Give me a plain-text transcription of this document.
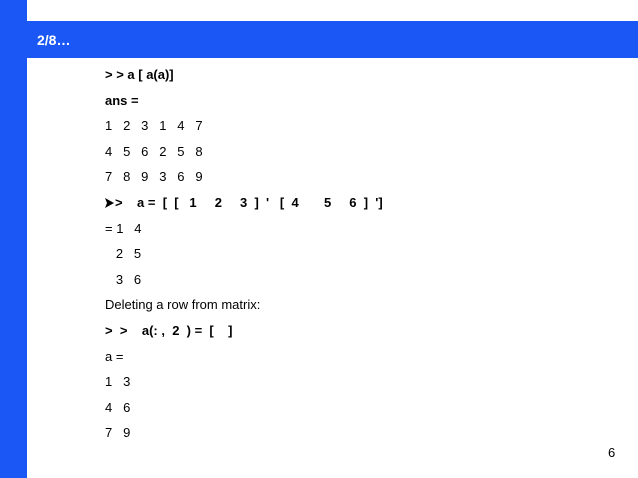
2/8…
> > a [ a(a)]
ans =
1   2   3   1   4   7
4   5   6   2   5   8
7   8   9   3   6   9
>    a =  [  [   1     2     3  ]  '   [  4       5     6  ]  ']
= 1   4
2   5
3   6
Deleting a row from matrix:
>  >    a(: ,  2  ) =  [    ]
a =
1   3
4   6
7   9
6
